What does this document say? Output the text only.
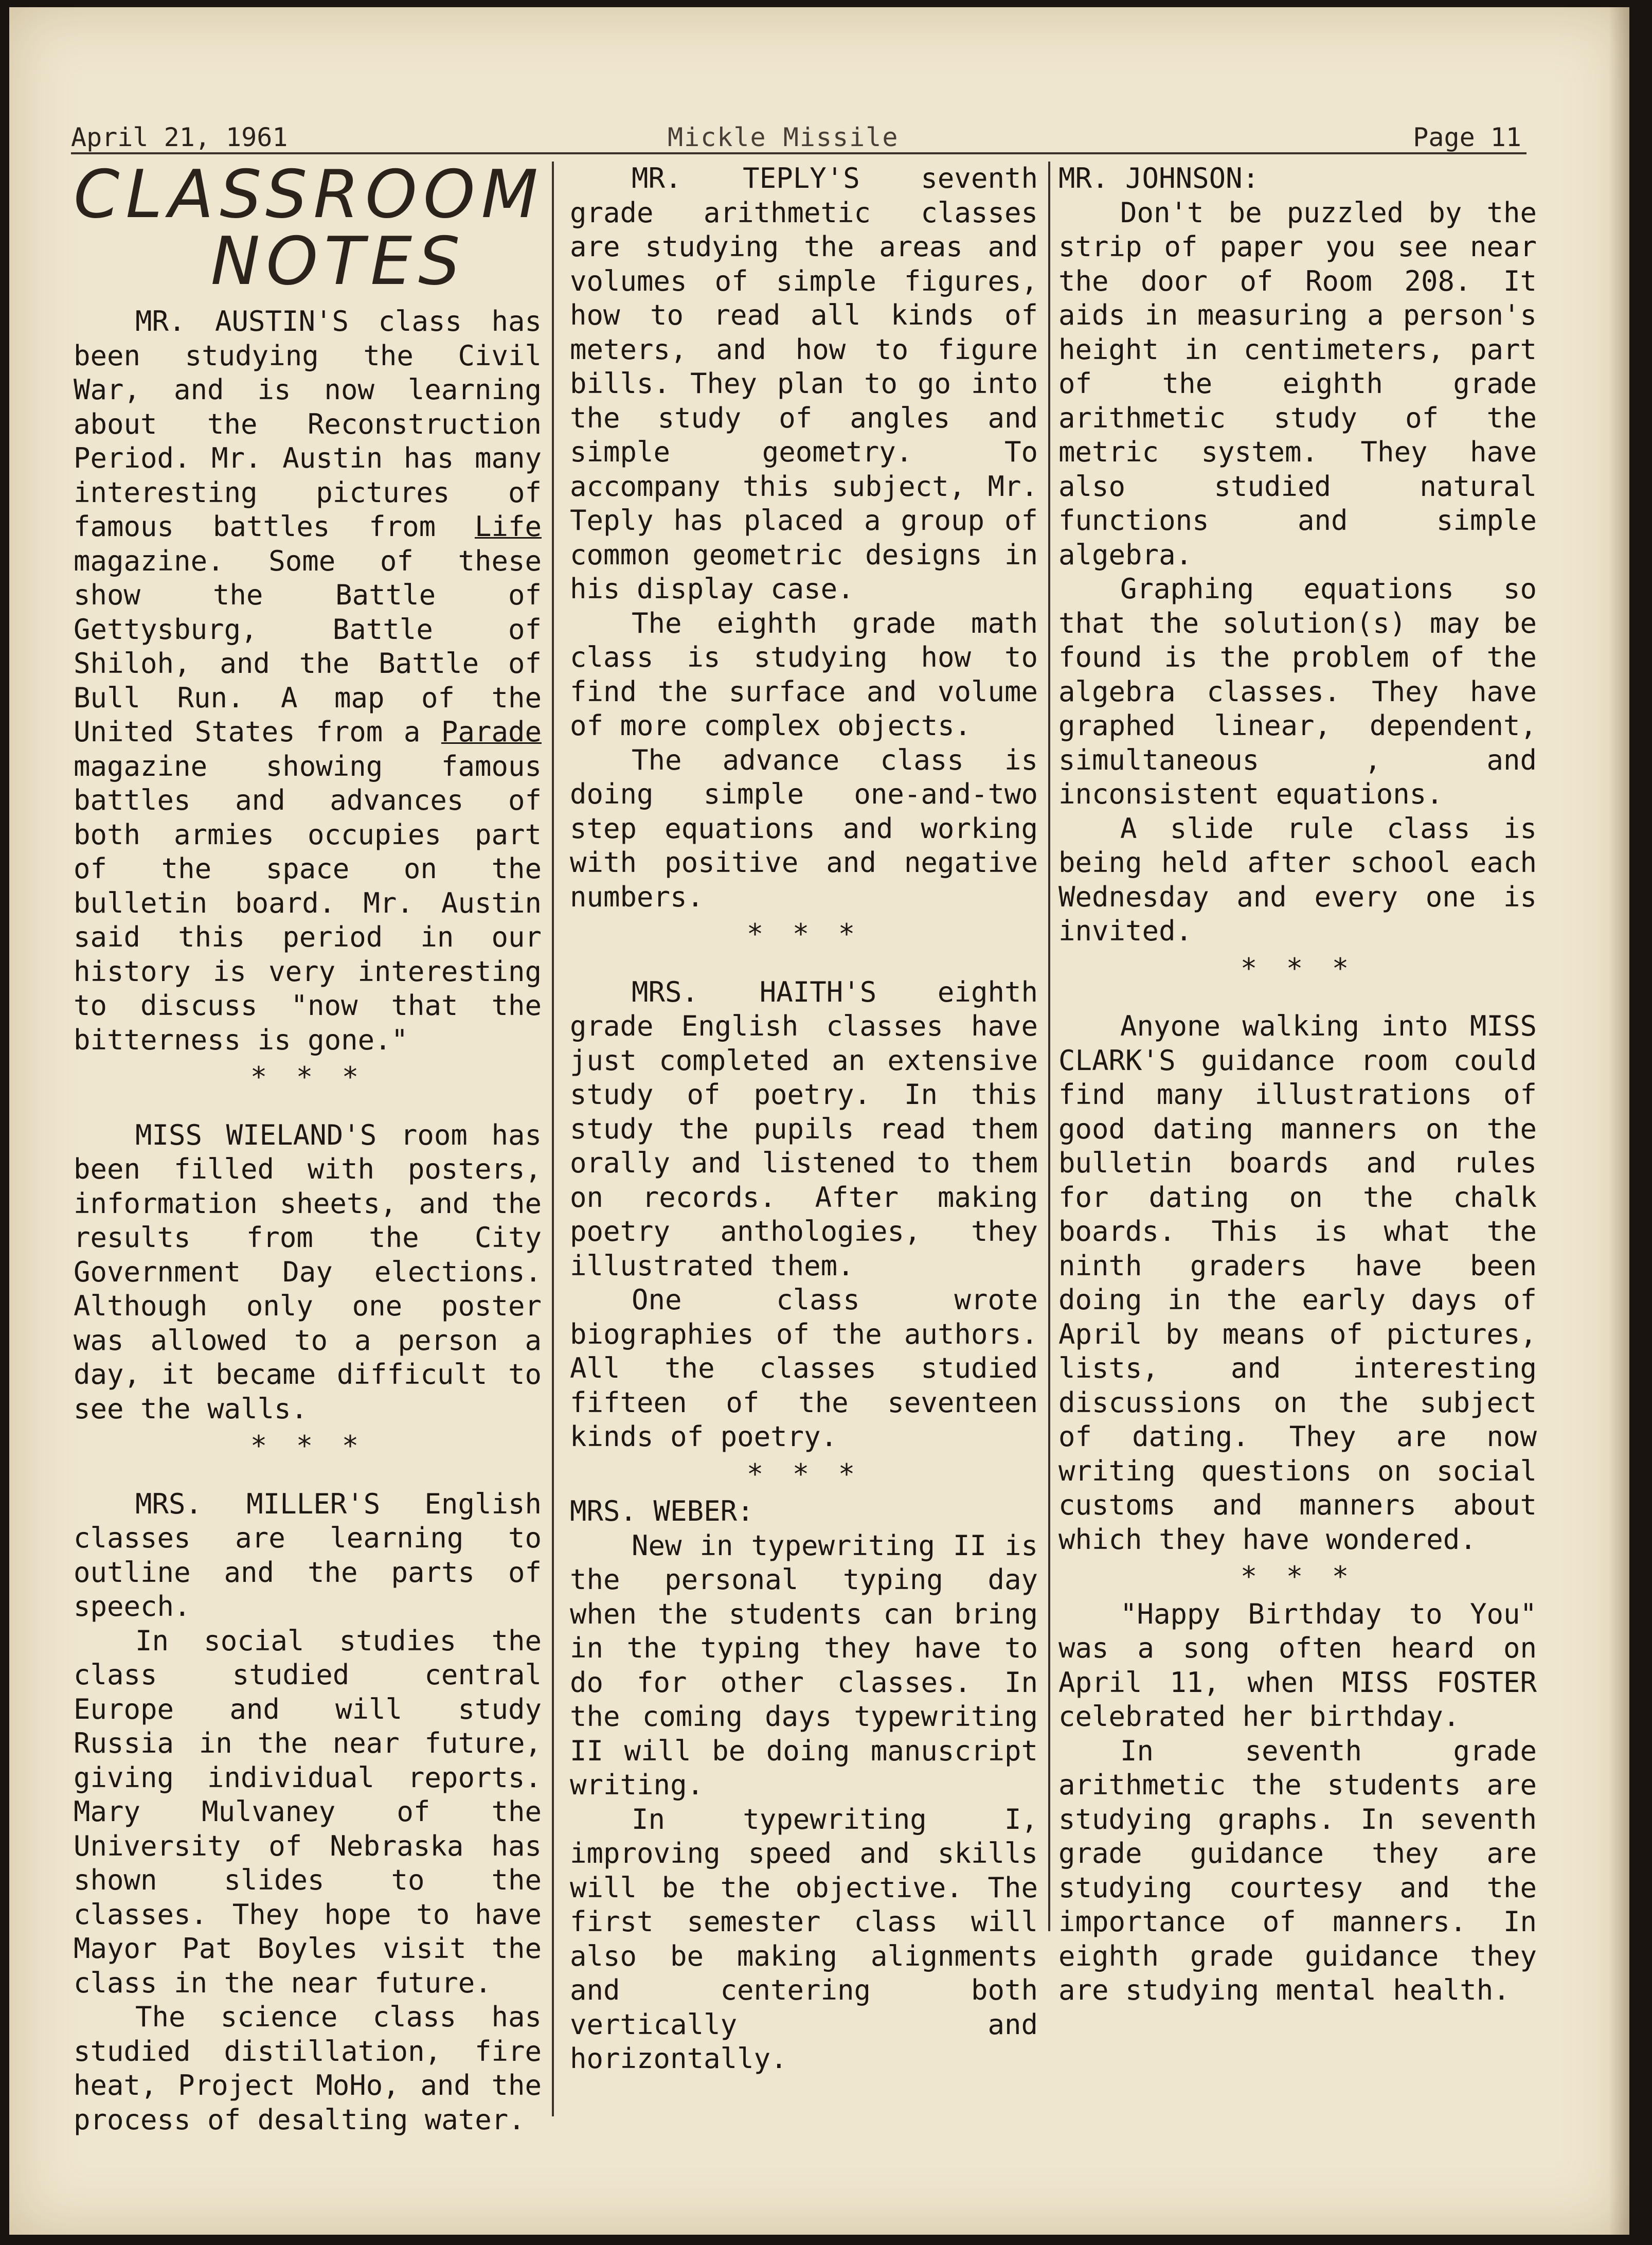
April 21, 1961	Mickle Missile	Page 11
CLASSROOM
NOTES

MR. AUSTIN'S class has been studying the Civil War, and is now learning about the Reconstruction Period. Mr. Austin has many interesting pictures of famous battles from Life magazine. Some of these show the Battle of Gettysburg, Battle of Shiloh, and the Battle of Bull Run. A map of the United States from a Parade magazine showing famous battles and advances of both armies occupies part of the space on the bulletin board. Mr. Austin said this period in our history is very interesting to discuss "now that the bitterness is gone."

* * *

MISS WIELAND'S room has been filled with posters, information sheets, and the results from the City Government Day elections. Although only one poster was allowed to a person a day, it became difficult to see the walls.

* * *

MRS. MILLER'S English classes are learning to outline and the parts of speech.

In social studies the class studied central Europe and will study Russia in the near future, giving individual reports. Mary Mulvaney of the University of Nebraska has shown slides to the classes. They hope to have Mayor Pat Boyles visit the class in the near future.

The science class has studied distillation, fire heat, Project MoHo, and the process of desalting water.

MR. TEPLY'S seventh grade arithmetic classes are studying the areas and volumes of simple figures, how to read all kinds of meters, and how to figure bills. They plan to go into the study of angles and simple geometry. To accompany this subject, Mr. Teply has placed a group of common geometric designs in his display case.

The eighth grade math class is studying how to find the surface and volume of more complex objects.

The advance class is doing simple one-and-two step equations and working with positive and negative numbers.

* * *

MRS. HAITH'S eighth grade English classes have just completed an extensive study of poetry. In this study the pupils read them orally and listened to them on records. After making poetry anthologies, they illustrated them.

One class wrote biographies of the authors. All the classes studied fifteen of the seventeen kinds of poetry.

* * *

MRS. WEBER:

New in typewriting II is the personal typing day when the students can bring in the typing they have to do for other classes. In the coming days typewriting II will be doing manuscript writing.

In typewriting I, improving speed and skills will be the objective. The first semester class will also be making alignments and centering both vertically and horizontally.

MR. JOHNSON:

Don't be puzzled by the strip of paper you see near the door of Room 208. It aids in measuring a person's height in centimeters, part of the eighth grade arithmetic study of the metric system. They have also studied natural functions and simple algebra.

Graphing equations so that the solution(s) may be found is the problem of the algebra classes. They have graphed linear, dependent, simultaneous , and inconsistent equations.

A slide rule class is being held after school each Wednesday and every one is invited.

* * *

Anyone walking into MISS CLARK'S guidance room could find many illustrations of good dating manners on the bulletin boards and rules for dating on the chalk boards. This is what the ninth graders have been doing in the early days of April by means of pictures, lists, and interesting discussions on the subject of dating. They are now writing questions on social customs and manners about which they have wondered.

* * *

"Happy Birthday to You" was a song often heard on April 11, when MISS FOSTER celebrated her birthday.

In seventh grade arithmetic the students are studying graphs. In seventh grade guidance they are studying courtesy and the importance of manners. In eighth grade guidance they are studying mental health.
